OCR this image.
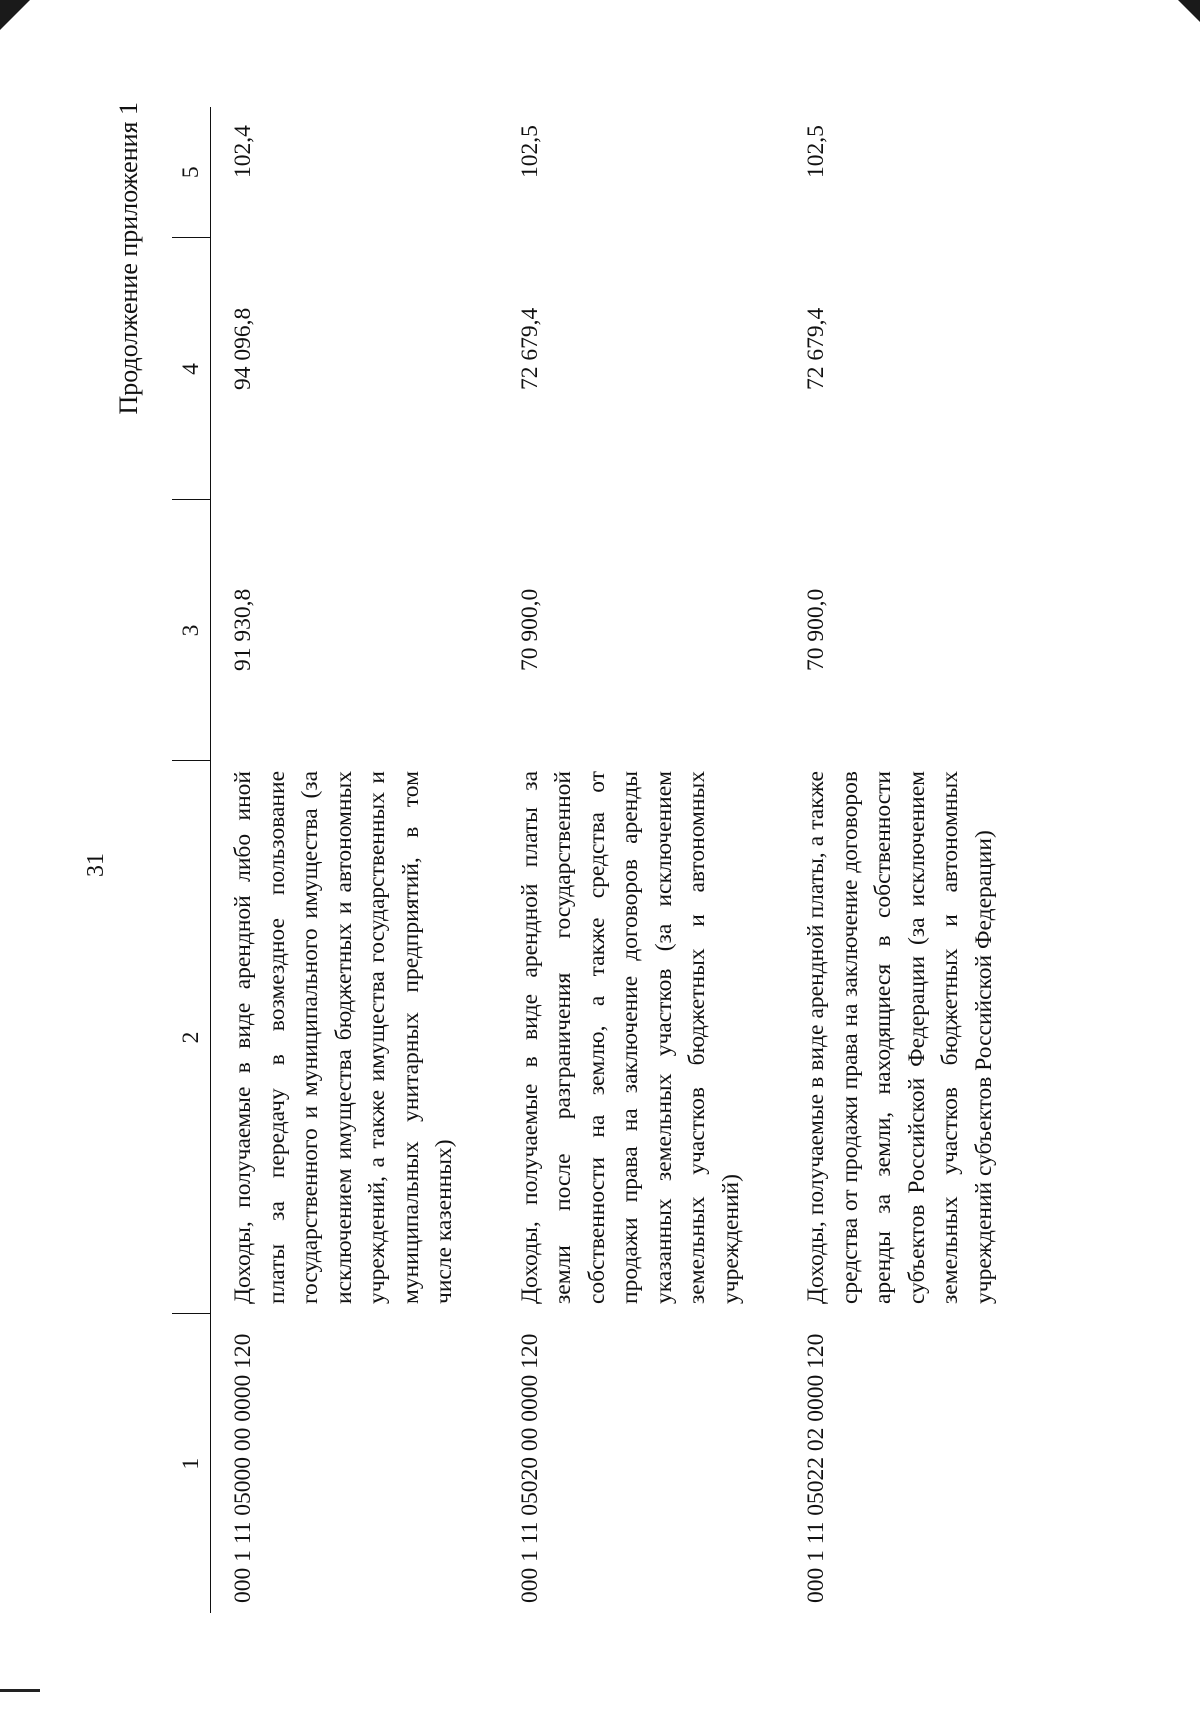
31
Продолжение приложения 1
1	2	3	4	5
000 1 11 05000 00 0000 120	Доходы, получаемые в виде арендной либо иной платы за передачу в возмездное пользование государственного и муниципального имущества (за исключением имущества бюджетных и автономных учреждений, а также имущества государственных и муниципальных унитарных предприятий, в том числе казенных)	91 930,8	94 096,8	102,4
000 1 11 05020 00 0000 120	Доходы, получаемые в виде арендной платы за земли после разграничения государственной собственности на землю, а также средства от продажи права на заключение договоров аренды указанных земельных участков (за исключением земельных участков бюджетных и автономных учреждений)	70 900,0	72 679,4	102,5
000 1 11 05022 02 0000 120	Доходы, получаемые в виде арендной платы, а также средства от продажи права на заключение договоров аренды за земли, находящиеся в собственности субъектов Российской Федерации (за исключением земельных участков бюджетных и автономных учреждений субъектов Российской Федерации)	70 900,0	72 679,4	102,5
